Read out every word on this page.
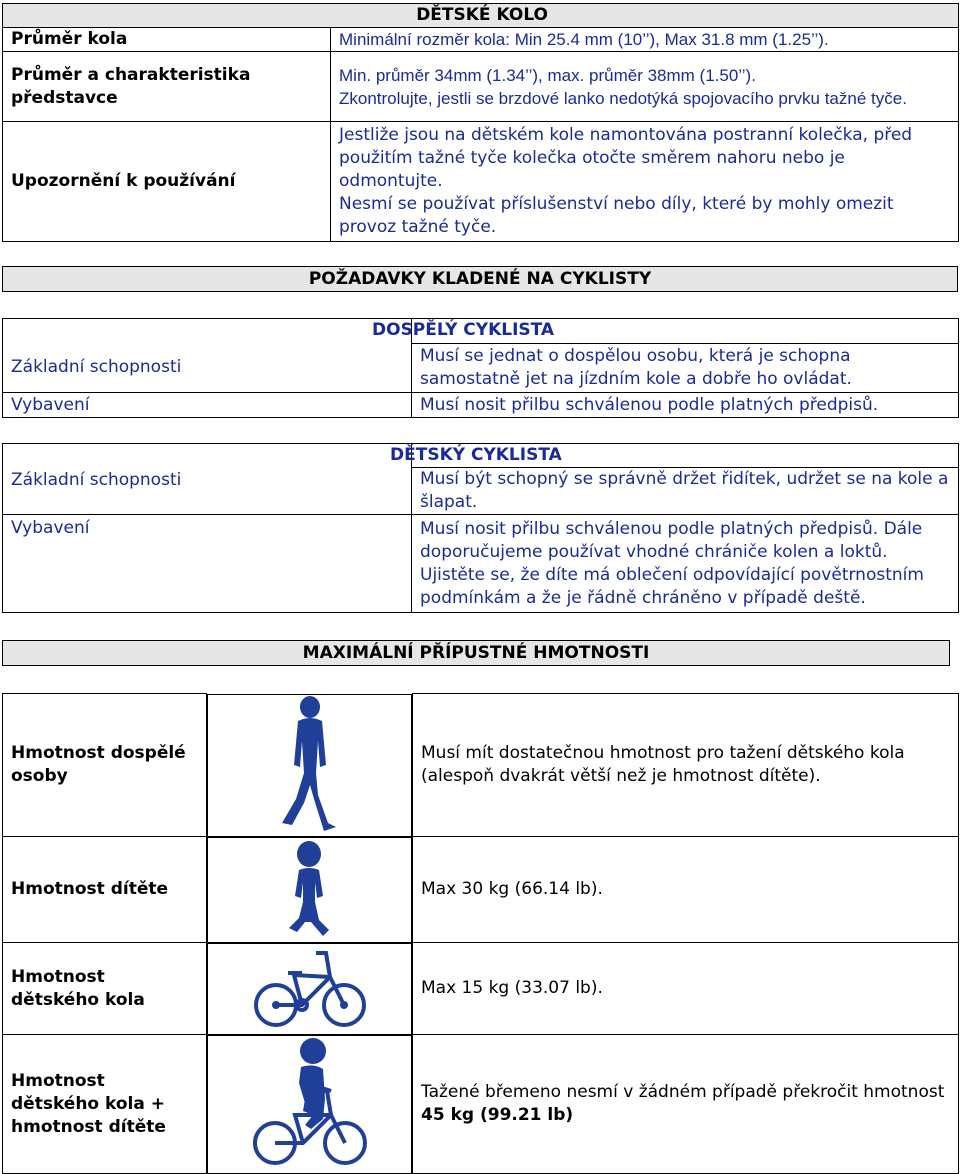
DĚTSKÉ KOLO	
Průměr kola	Minimální rozměr kola: Min 25.4 mm (10’’), Max 31.8 mm (1.25’’).
Průměr a charakteristika představce	Min. průměr 34mm (1.34’’), max. průměr 38mm (1.50’’).
Zkontrolujte, jestli se brzdové lanko nedotýká spojovacího prvku tažné tyče.

Upozornění k používání	Jestliže jsou na dětském kole namontována postranní kolečka, před použitím tažné tyče kolečka otočte směrem nahoru nebo je odmontujte.
Nesmí se používat příslušenství nebo díly, které by mohly omezit provoz tažné tyče.
POŽADAVKY KLADENÉ NA CYKLISTY
	DOSPĚLÝ CYKLISTA
Základní schopnosti	Musí se jednat o dospělou osobu, která je schopna samostatně jet na jízdním kole a dobře ho ovládat.
Vybavení	Musí nosit přilbu schválenou podle platných předpisů.
	DĚTSKÝ CYKLISTA
Základní schopnosti	Musí být schopný se správně držet řidítek, udržet se na kole a šlapat.
Vybavení	Musí nosit přilbu schválenou podle platných předpisů. Dále doporučujeme používat vhodné chrániče kolen a loktů. Ujistěte se, že díte má oblečení odpovídající povětrnostním podmínkám a že je řádně chráněno v případě deště.
MAXIMÁLNÍ PŘÍPUSTNÉ HMOTNOSTI
Hmotnost dospělé osoby	Musí mít dostatečnou hmotnost pro tažení dětského kola (alespoň dvakrát větší než je hmotnost dítěte).
Hmotnost dítěte	Max 30 kg (66.14 lb).
Hmotnost dětského kola	Max 15 kg (33.07 lb).
Hmotnost dětského kola + hmotnost dítěte	Tažené břemeno nesmí v žádném případě překročit hmotnost 45 kg (99.21 lb)
